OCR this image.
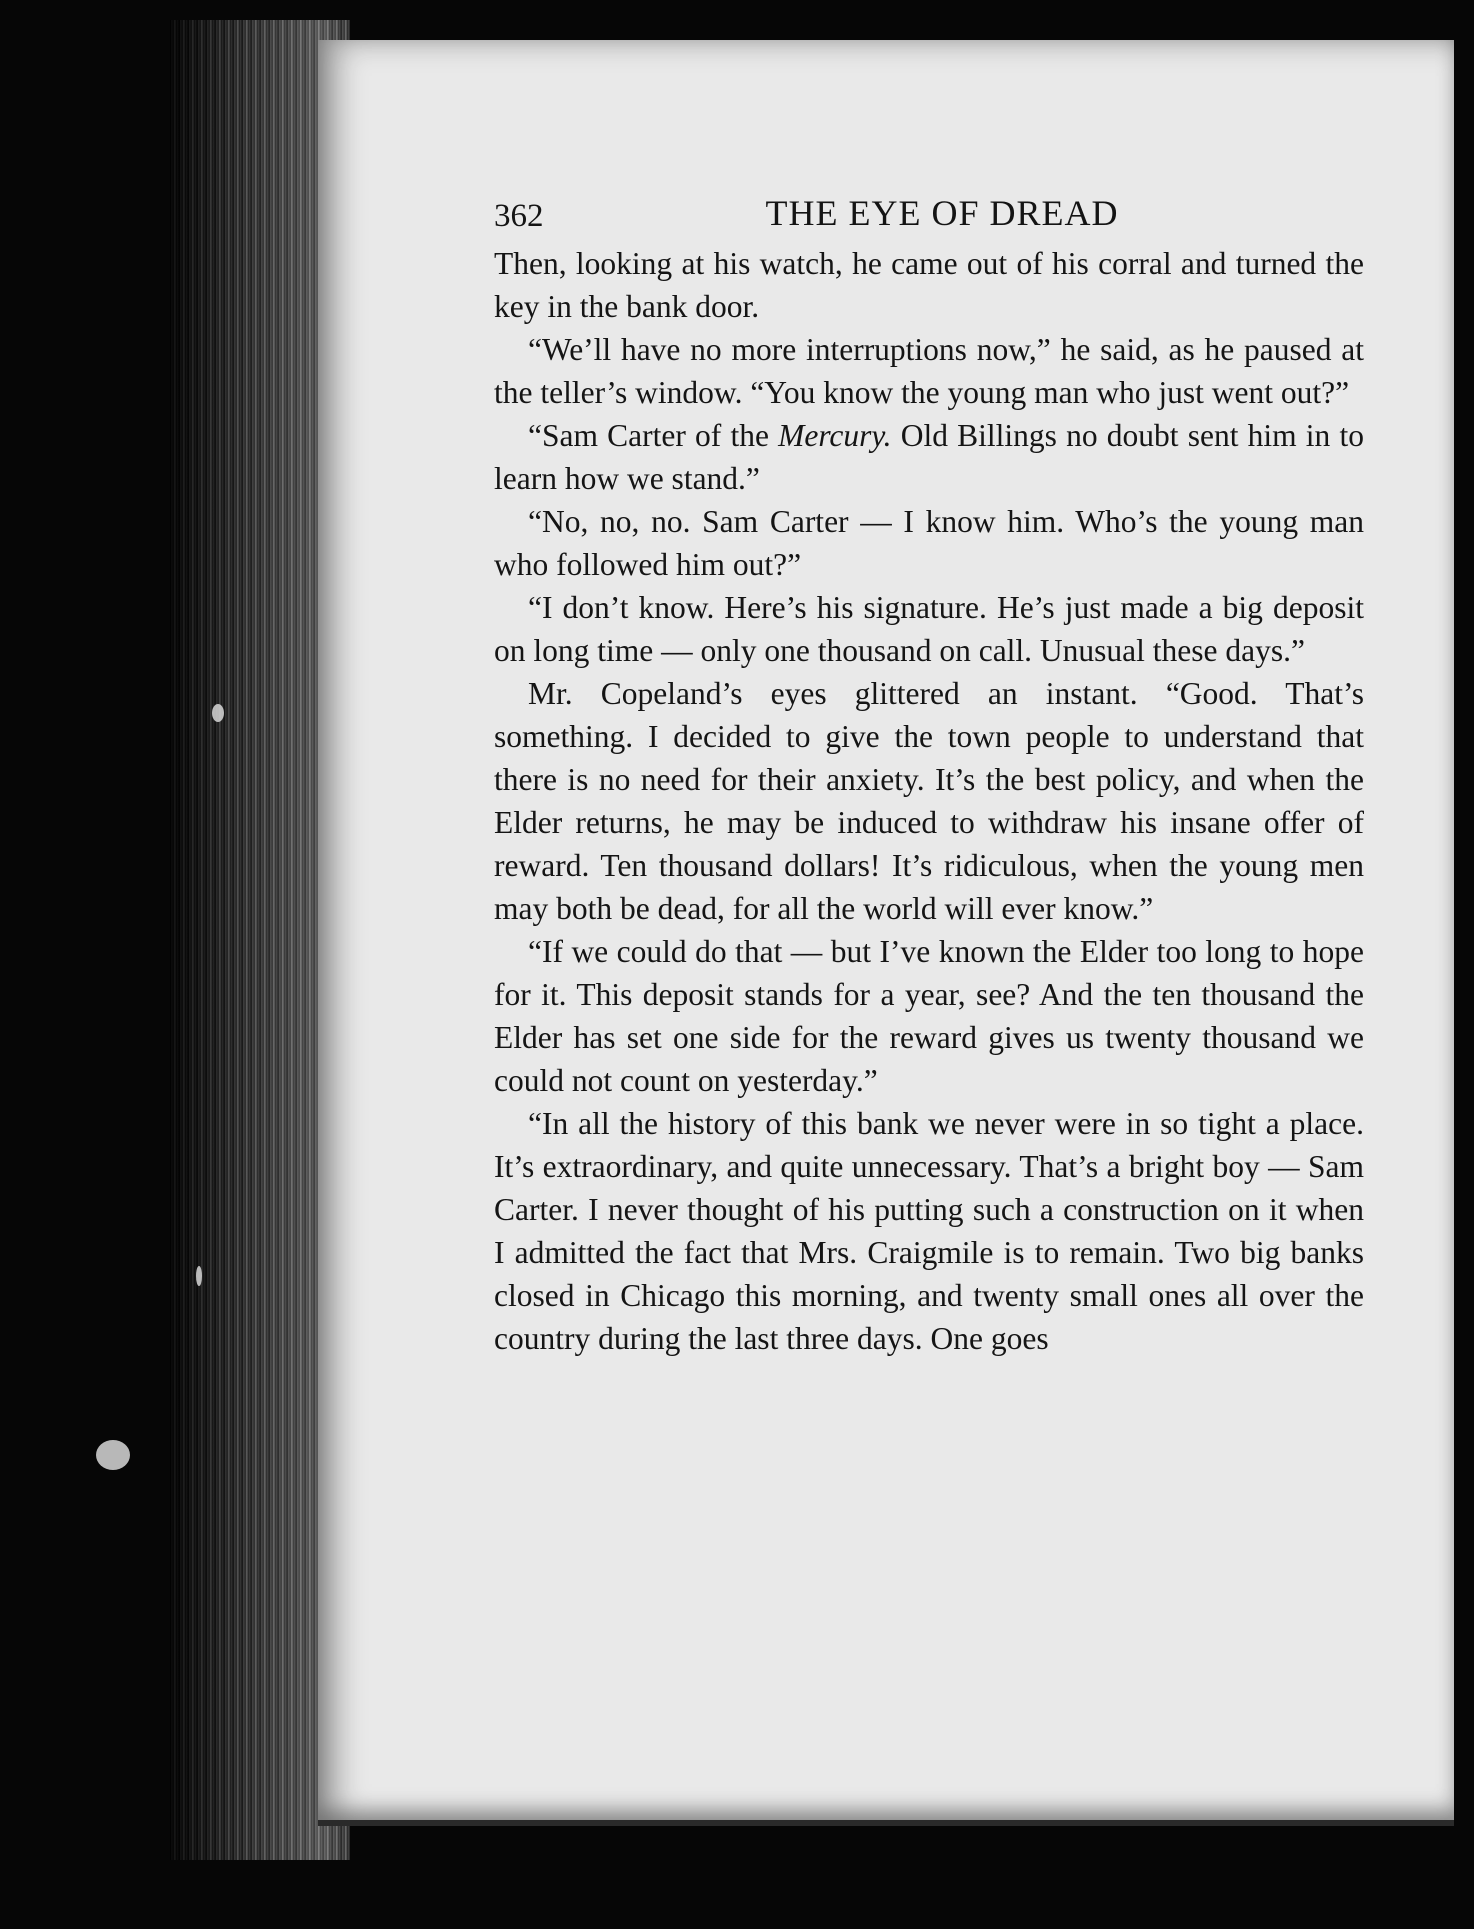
362	THE EYE OF DREAD

Then, looking at his watch, he came out of his corral and turned the key in the bank door.

“We’ll have no more interruptions now,” he said, as he paused at the teller’s window. “You know the young man who just went out?”

“Sam Carter of the Mercury. Old Billings no doubt sent him in to learn how we stand.”

“No, no, no. Sam Carter — I know him. Who’s the young man who followed him out?”

“I don’t know. Here’s his signature. He’s just made a big deposit on long time — only one thousand on call. Unusual these days.”

Mr. Copeland’s eyes glittered an instant. “Good. That’s something. I decided to give the town people to understand that there is no need for their anxiety. It’s the best policy, and when the Elder returns, he may be induced to withdraw his insane offer of reward. Ten thousand dollars! It’s ridiculous, when the young men may both be dead, for all the world will ever know.”

“If we could do that — but I’ve known the Elder too long to hope for it. This deposit stands for a year, see? And the ten thousand the Elder has set one side for the reward gives us twenty thousand we could not count on yesterday.”

“In all the history of this bank we never were in so tight a place. It’s extraordinary, and quite unnecessary. That’s a bright boy — Sam Carter. I never thought of his putting such a construction on it when I admitted the fact that Mrs. Craigmile is to remain. Two big banks closed in Chicago this morning, and twenty small ones all over the country during the last three days. One goes
